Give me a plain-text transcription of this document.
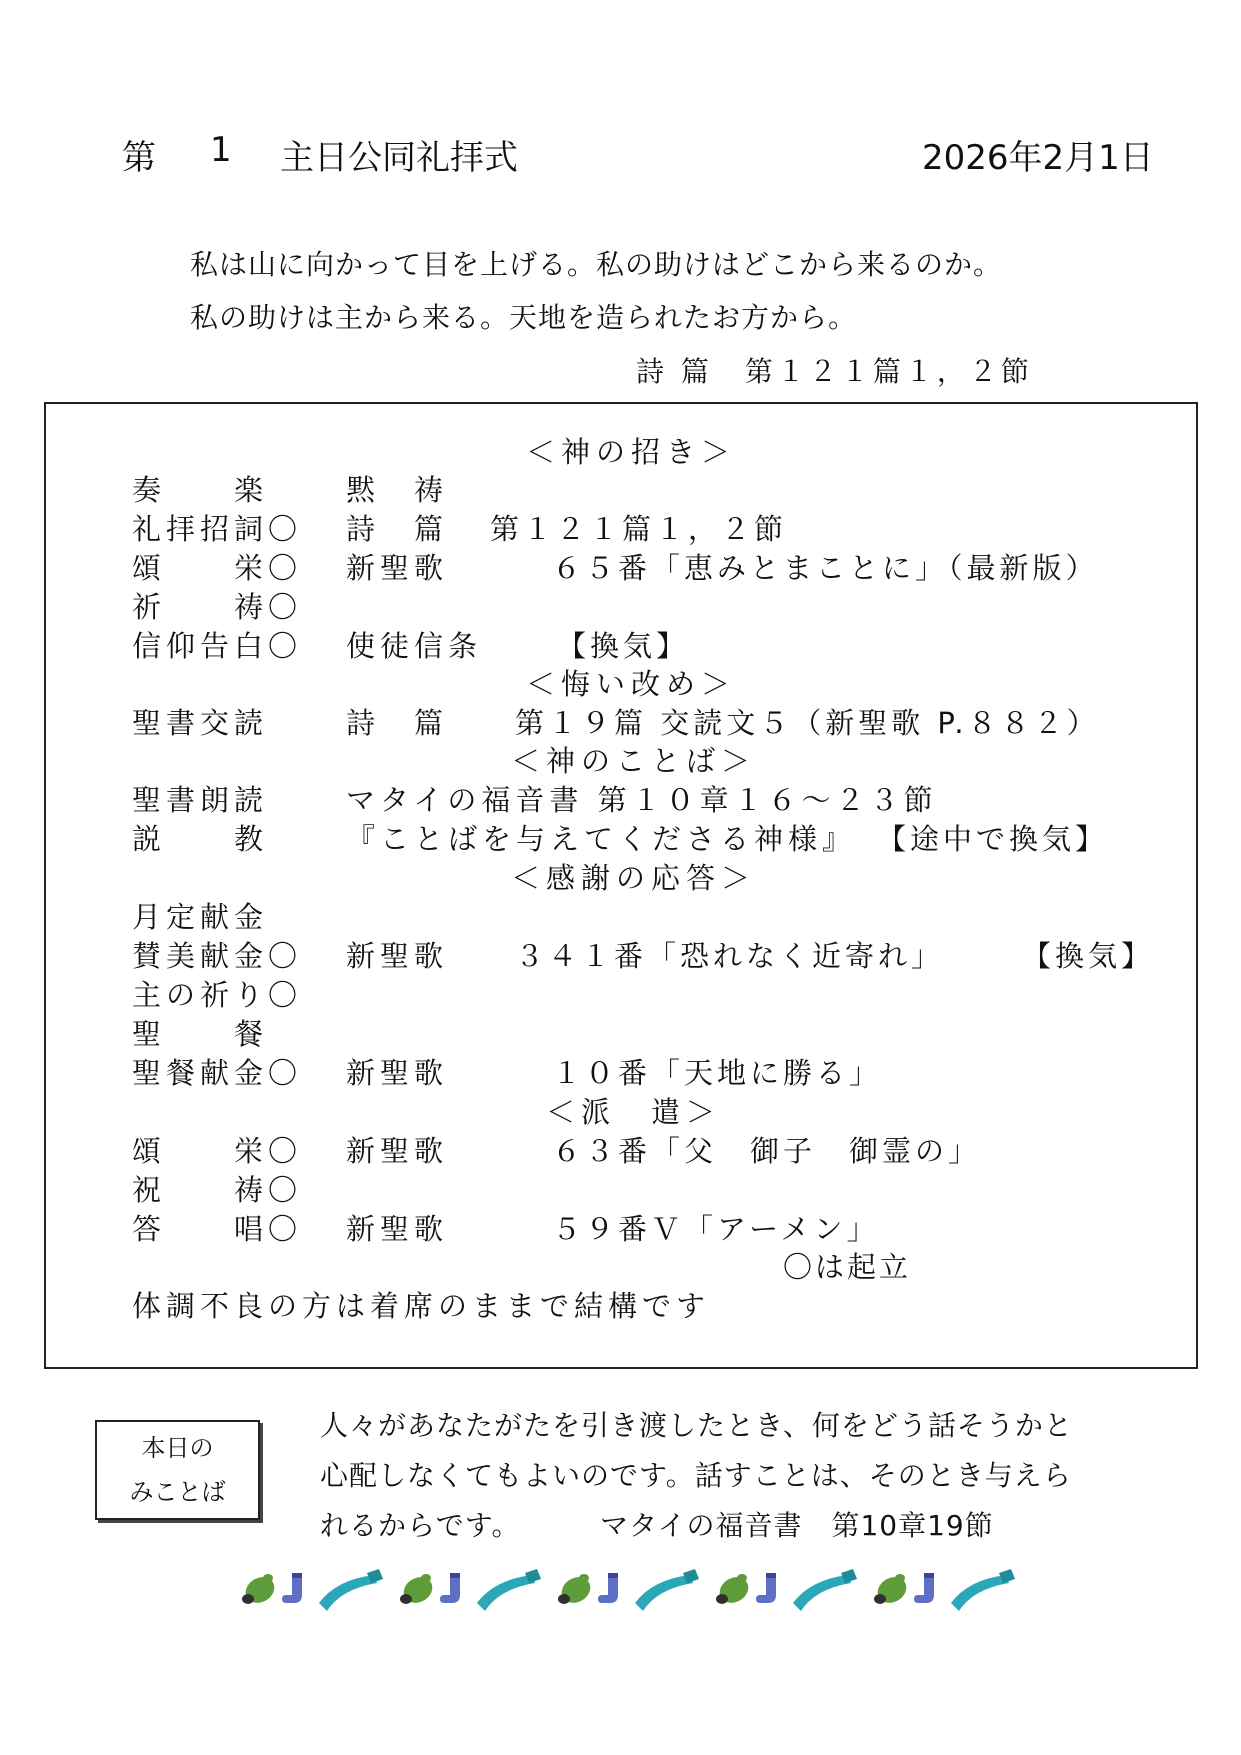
第 1 主日公同礼拝式	2026年2月1日
私は山に向かって目を上げる。私の助けはどこから来るのか。
私の助けは主から来る。天地を造られたお方から。
詩 篇　第１２１篇１，２節
＜神の招き＞
奏　　楽	黙　祷
礼拝招詞〇 詩　篇 第１２１篇１，２節
頌　　栄〇 新聖歌	６５番「恵みとまことに」（最新版）
祈　　祷〇
信仰告白〇 使徒信条	【換気】
＜悔い改め＞
聖書交読	詩　篇 第１９篇 交読文５（新聖歌 P.８８２）
＜神のことば＞
聖書朗読	マタイの福音書 第１０章１６～２３節
説　　教	『ことばを与えてくださる神様』 【途中で換気】
＜感謝の応答＞
月定献金
賛美献金〇 新聖歌 ３４１番「恐れなく近寄れ」	【換気】
主の祈り〇
聖　　餐
聖餐献金〇 新聖歌	１０番「天地に勝る」
＜派　遣＞
頌　　栄〇 新聖歌	６３番「父　御子　御霊の」
祝　　祷〇
答　　唱〇 新聖歌	５９番Ｖ「アーメン」
〇は起立
体調不良の方は着席のままで結構です
本日の
みことば
人々があなたがたを引き渡したとき、何をどう話そうかと
心配しなくてもよいのです。話すことは、そのとき与えら
れるからです。	マタイの福音書　第10章19節
